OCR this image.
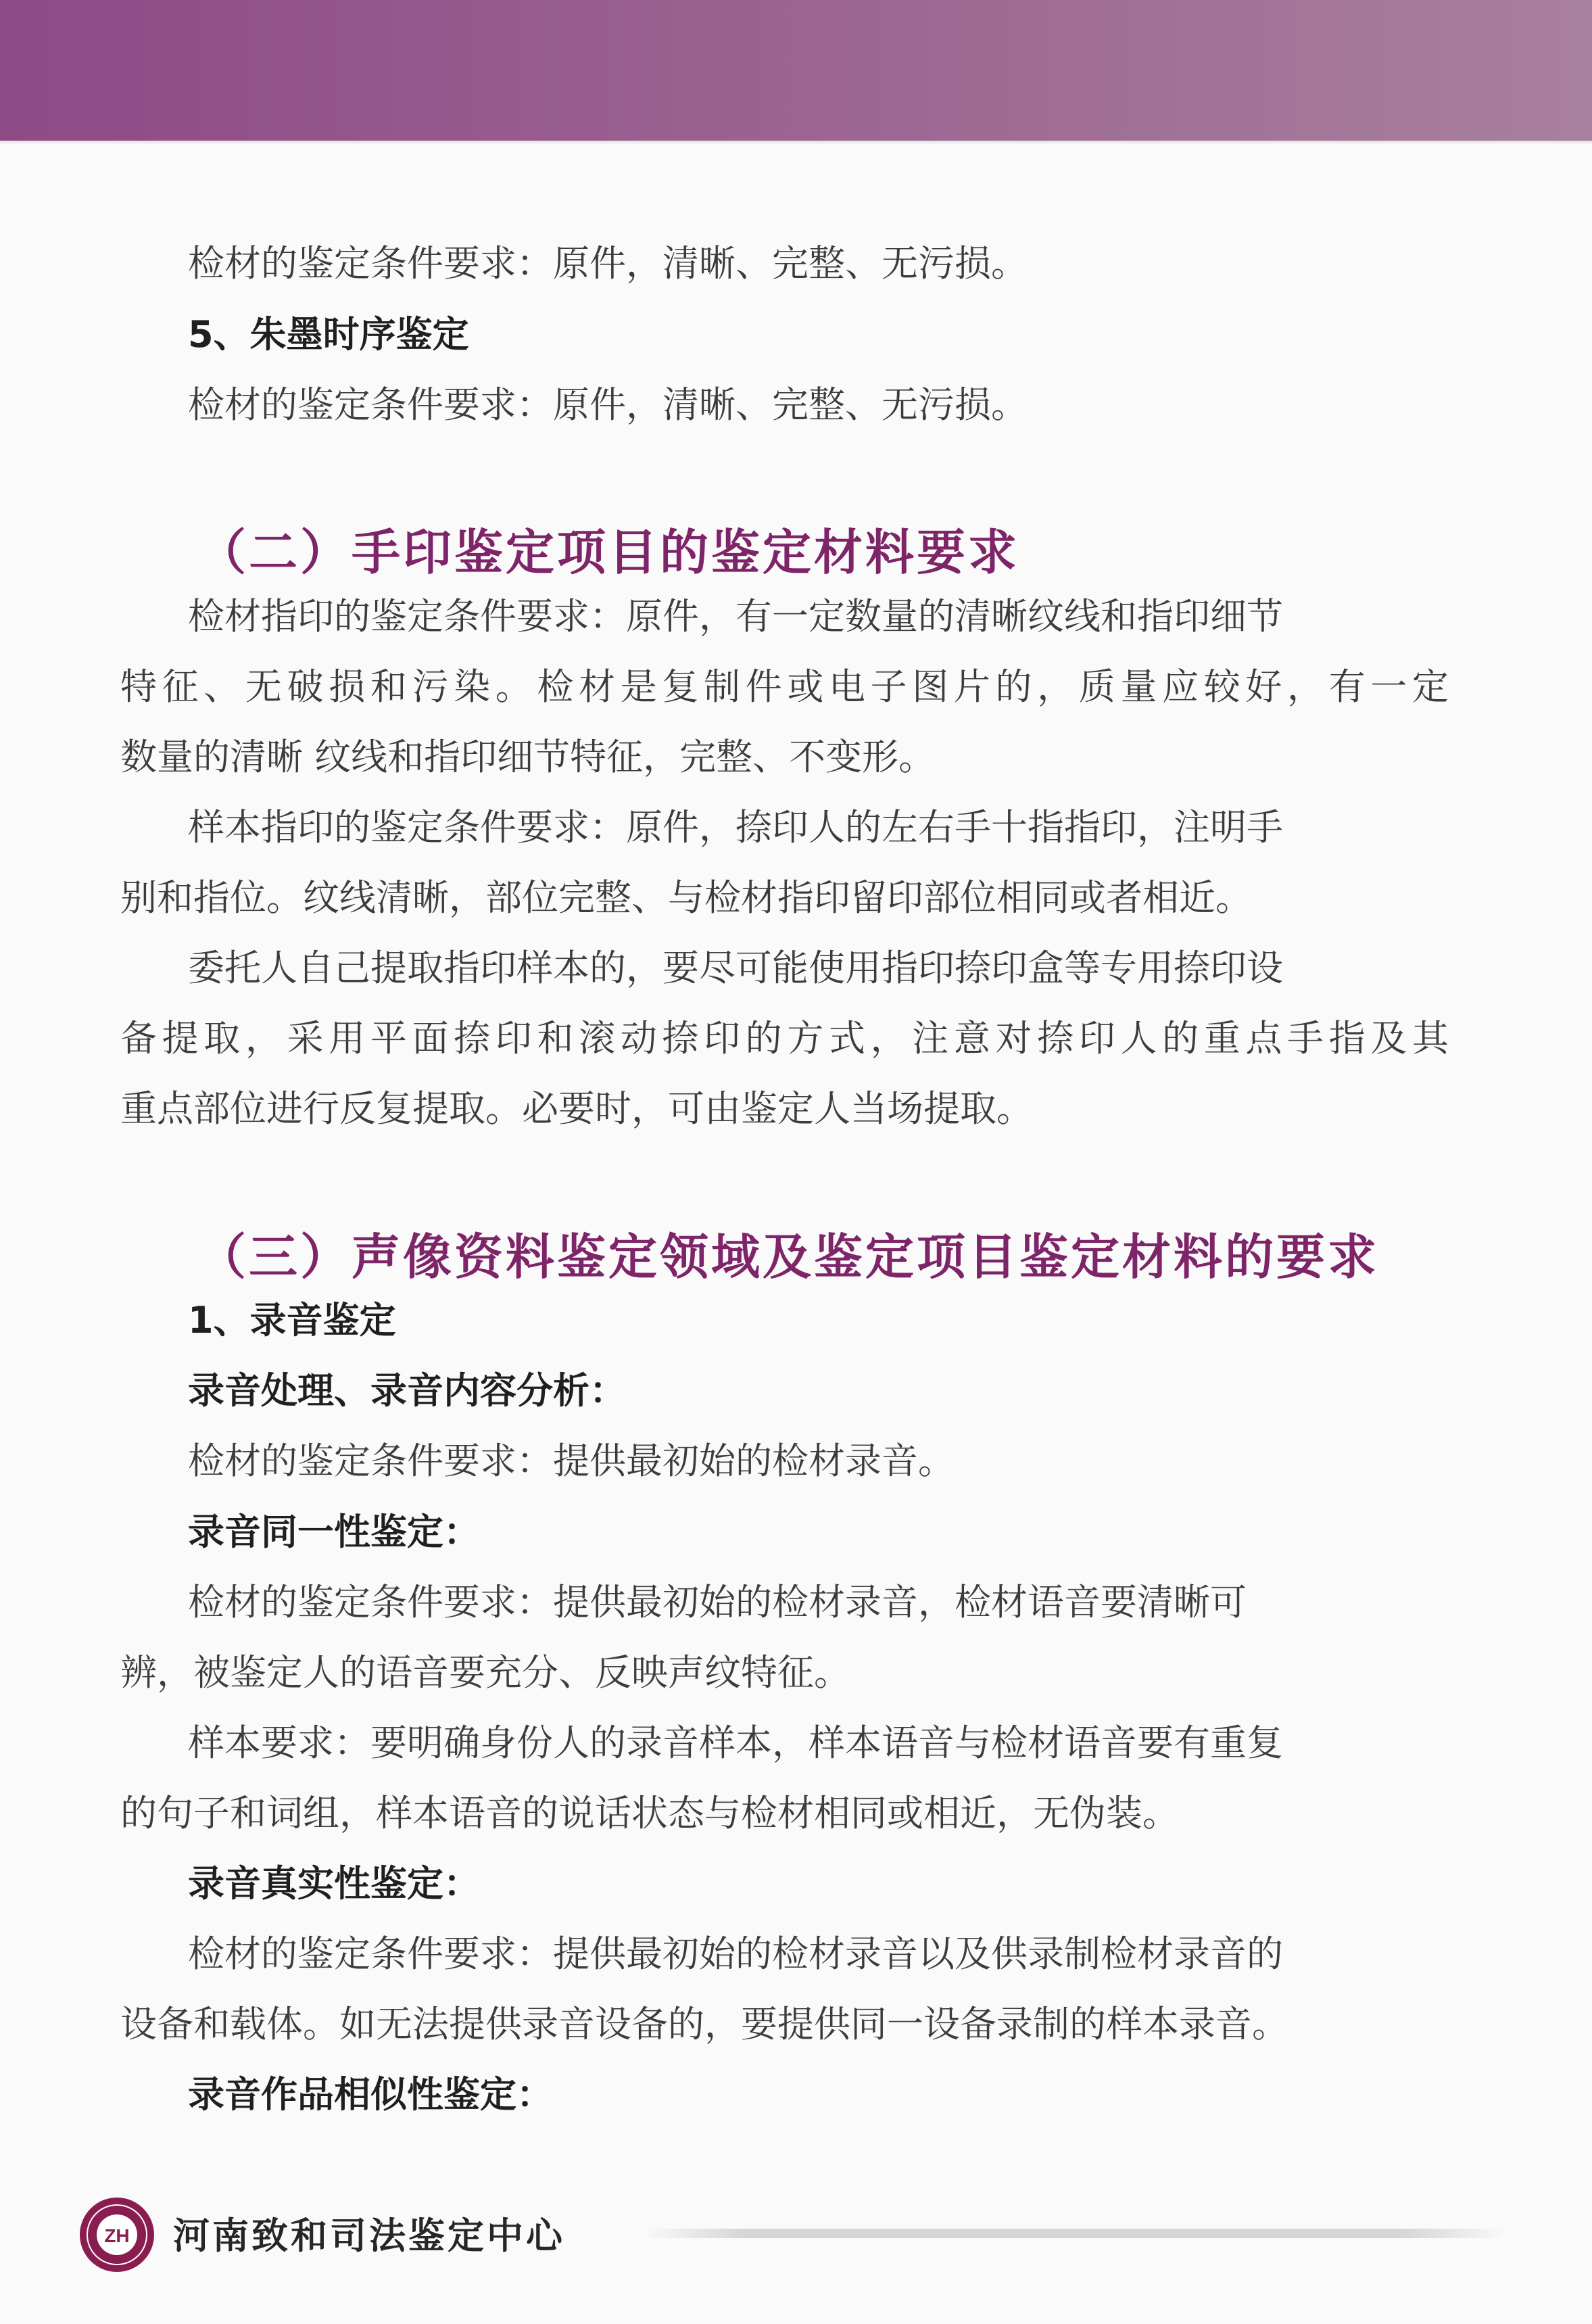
检材的鉴定条件要求：原件，清晰、完整、无污损。

5、朱墨时序鉴定

检材的鉴定条件要求：原件，清晰、完整、无污损。

（二）手印鉴定项目的鉴定材料要求

检材指印的鉴定条件要求：原件，有一定数量的清晰纹线和指印细节

特征、无破损和污染。检材是复制件或电子图片的，质量应较好，有一定

数量的清晰 纹线和指印细节特征，完整、不变形。

样本指印的鉴定条件要求：原件，捺印人的左右手十指指印，注明手

别和指位。纹线清晰，部位完整、与检材指印留印部位相同或者相近。

委托人自己提取指印样本的，要尽可能使用指印捺印盒等专用捺印设

备提取，采用平面捺印和滚动捺印的方式，注意对捺印人的重点手指及其

重点部位进行反复提取。必要时，可由鉴定人当场提取。

（三）声像资料鉴定领域及鉴定项目鉴定材料的要求

1、录音鉴定

录音处理、录音内容分析：

检材的鉴定条件要求：提供最初始的检材录音。

录音同一性鉴定：

检材的鉴定条件要求：提供最初始的检材录音，检材语音要清晰可

辨，被鉴定人的语音要充分、反映声纹特征。

样本要求：要明确身份人的录音样本，样本语音与检材语音要有重复

的句子和词组，样本语音的说话状态与检材相同或相近，无伪装。

录音真实性鉴定：

检材的鉴定条件要求：提供最初始的检材录音以及供录制检材录音的

设备和载体。如无法提供录音设备的，要提供同一设备录制的样本录音。

录音作品相似性鉴定：

ZH 河南致和司法鉴定中心
